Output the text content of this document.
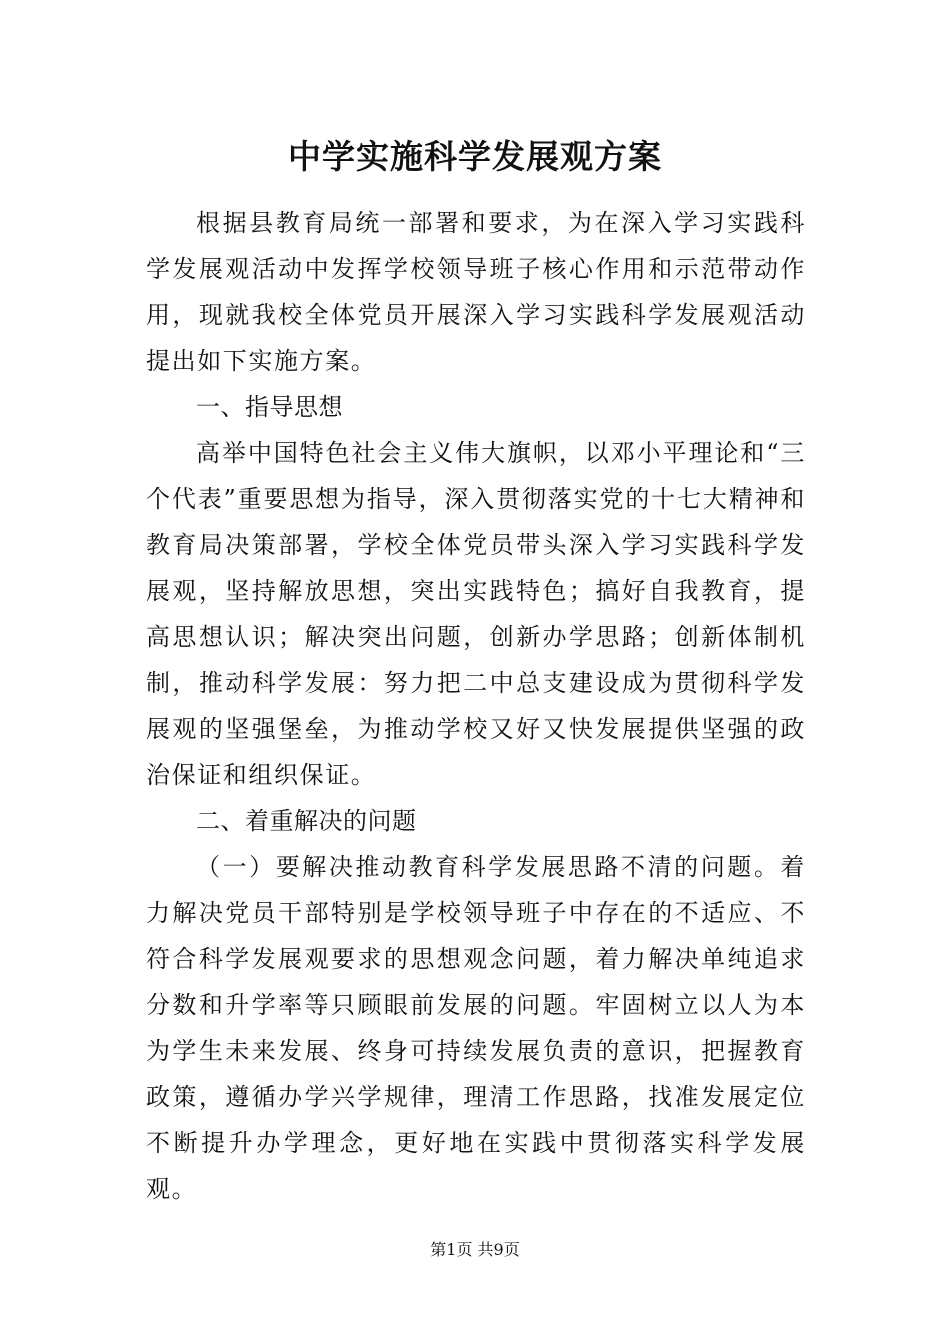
中学实施科学发展观方案

根据县教育局统一部署和要求，为在深入学习实践科学发展观活动中发挥学校领导班子核心作用和示范带动作用，现就我校全体党员开展深入学习实践科学发展观活动提出如下实施方案。

一、指导思想

高举中国特色社会主义伟大旗帜，以邓小平理论和“三个代表”重要思想为指导，深入贯彻落实党的十七大精神和教育局决策部署，学校全体党员带头深入学习实践科学发展观，坚持解放思想，突出实践特色；搞好自我教育，提高思想认识；解决突出问题，创新办学思路；创新体制机制，推动科学发展：努力把二中总支建设成为贯彻科学发展观的坚强堡垒，为推动学校又好又快发展提供坚强的政治保证和组织保证。

二、着重解决的问题

（一）要解决推动教育科学发展思路不清的问题。着力解决党员干部特别是学校领导班子中存在的不适应、不符合科学发展观要求的思想观念问题，着力解决单纯追求分数和升学率等只顾眼前发展的问题。牢固树立以人为本为学生未来发展、终身可持续发展负责的意识，把握教育政策，遵循办学兴学规律，理清工作思路，找准发展定位不断提升办学理念，更好地在实践中贯彻落实科学发展观。

第1页 共9页
